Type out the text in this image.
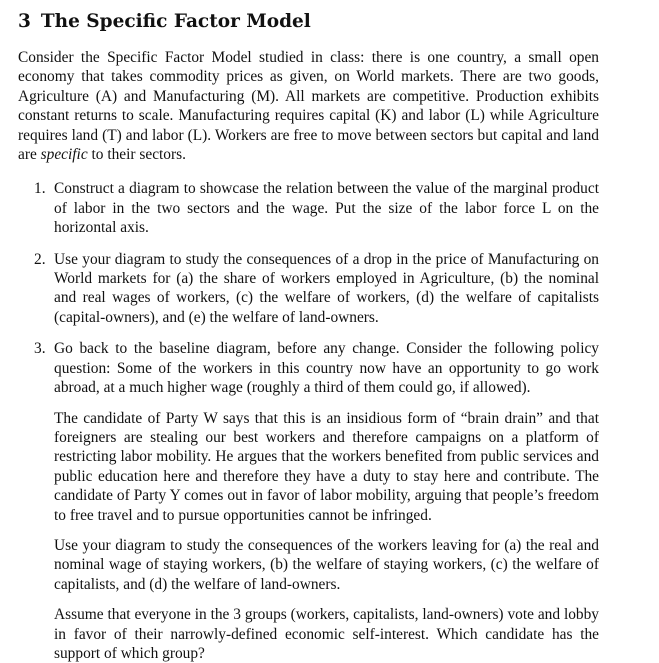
3 The Specific Factor Model

Consider the Specific Factor Model studied in class: there is one country, a small open economy that takes commodity prices as given, on World markets. There are two goods, Agriculture (A) and Manufacturing (M). All markets are competitive. Production exhibits constant returns to scale. Manufacturing requires capital (K) and labor (L) while Agriculture requires land (T) and labor (L). Workers are free to move between sectors but capital and land are specific to their sectors.

1. Construct a diagram to showcase the relation between the value of the marginal product of labor in the two sectors and the wage. Put the size of the labor force L on the horizontal axis.

2. Use your diagram to study the consequences of a drop in the price of Manufacturing on World markets for (a) the share of workers employed in Agriculture, (b) the nominal and real wages of workers, (c) the welfare of workers, (d) the welfare of capitalists (capital-owners), and (e) the welfare of land-owners.

3. Go back to the baseline diagram, before any change. Consider the following policy question: Some of the workers in this country now have an opportunity to go work abroad, at a much higher wage (roughly a third of them could go, if allowed).

The candidate of Party W says that this is an insidious form of “brain drain” and that foreigners are stealing our best workers and therefore campaigns on a platform of restricting labor mobility. He argues that the workers benefited from public services and public education here and therefore they have a duty to stay here and contribute. The candidate of Party Y comes out in favor of labor mobility, arguing that people’s freedom to free travel and to pursue opportunities cannot be infringed.

Use your diagram to study the consequences of the workers leaving for (a) the real and nominal wage of staying workers, (b) the welfare of staying workers, (c) the welfare of capitalists, and (d) the welfare of land-owners.

Assume that everyone in the 3 groups (workers, capitalists, land-owners) vote and lobby in favor of their narrowly-defined economic self-interest. Which candidate has the support of which group?
